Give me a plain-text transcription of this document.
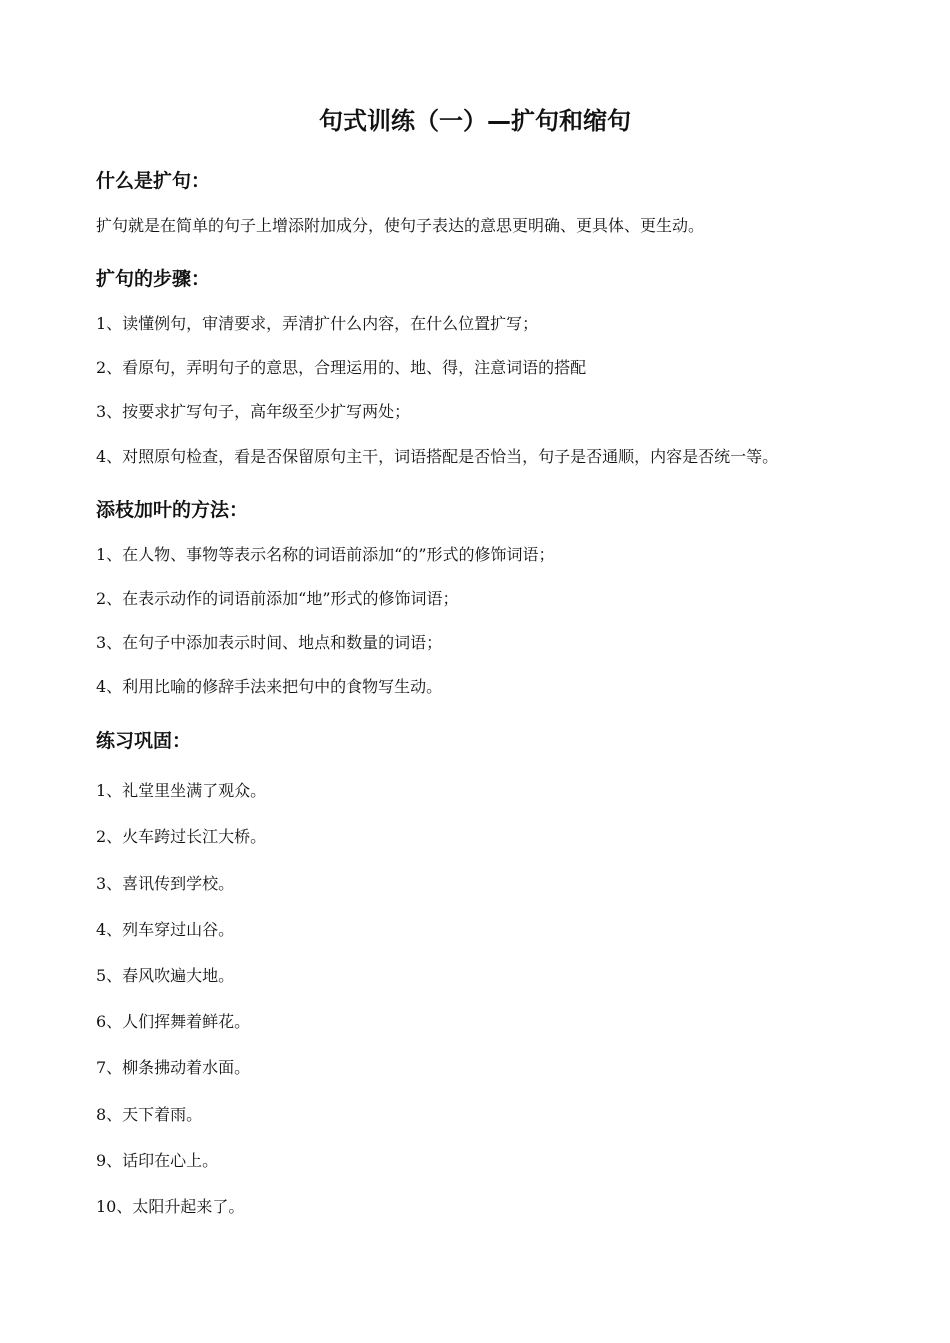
句式训练（一）—扩句和缩句
什么是扩句：

扩句就是在简单的句子上增添附加成分，使句子表达的意思更明确、更具体、更生动。

扩句的步骤：

1、读懂例句，审清要求，弄清扩什么内容，在什么位置扩写；

2、看原句，弄明句子的意思，合理运用的、地、得，注意词语的搭配

3、按要求扩写句子，高年级至少扩写两处；

4、对照原句检查，看是否保留原句主干，词语搭配是否恰当，句子是否通顺，内容是否统一等。

添枝加叶的方法：

1、在人物、事物等表示名称的词语前添加“的”形式的修饰词语；

2、在表示动作的词语前添加“地”形式的修饰词语；

3、在句子中添加表示时间、地点和数量的词语；

4、利用比喻的修辞手法来把句中的食物写生动。

练习巩固：

1、礼堂里坐满了观众。

2、火车跨过长江大桥。

3、喜讯传到学校。

4、列车穿过山谷。

5、春风吹遍大地。

6、人们挥舞着鲜花。

7、柳条拂动着水面。

8、天下着雨。

9、话印在心上。

10、太阳升起来了。
